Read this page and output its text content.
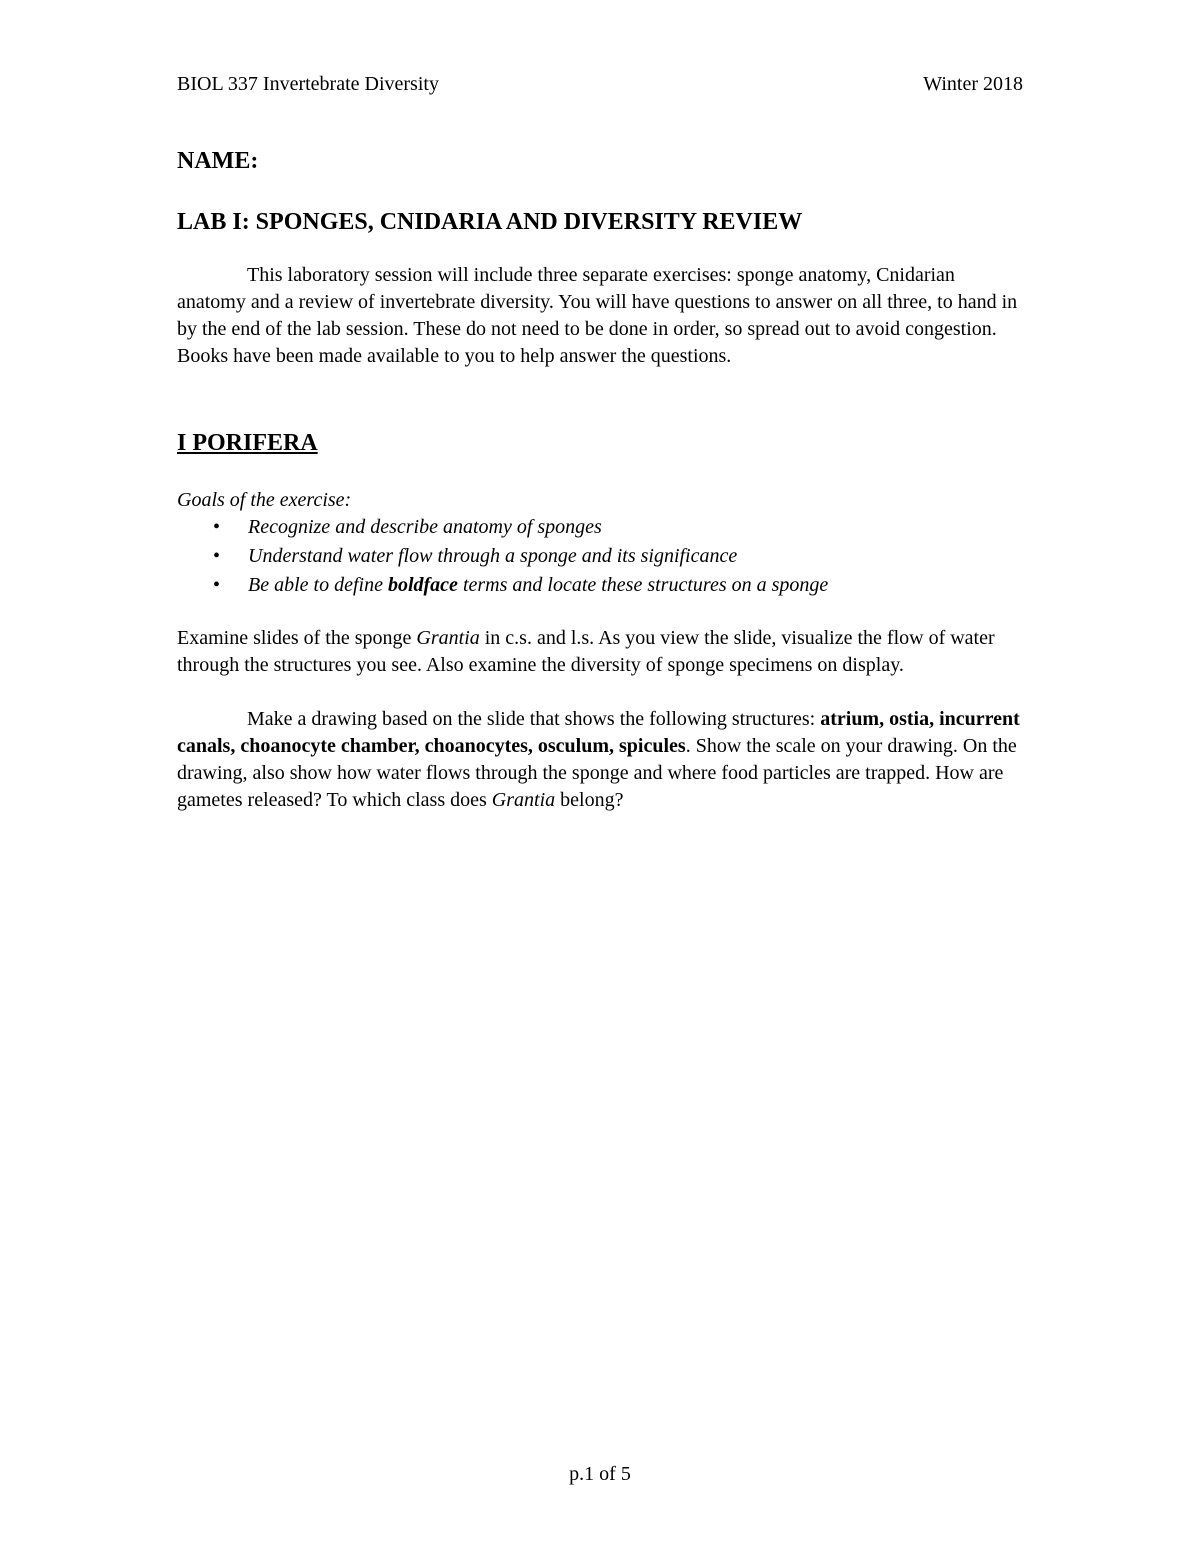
BIOL 337 Invertebrate Diversity	Winter 2018
NAME:
LAB I: SPONGES, CNIDARIA AND DIVERSITY REVIEW

This laboratory session will include three separate exercises: sponge anatomy, Cnidarian anatomy and a review of invertebrate diversity. You will have questions to answer on all three, to hand in by the end of the lab session. These do not need to be done in order, so spread out to avoid congestion. Books have been made available to you to help answer the questions.

I PORIFERA
Goals of the exercise:
• Recognize and describe anatomy of sponges
• Understand water flow through a sponge and its significance
• Be able to define boldface terms and locate these structures on a sponge

Examine slides of the sponge Grantia in c.s. and l.s. As you view the slide, visualize the flow of water through the structures you see. Also examine the diversity of sponge specimens on display.

Make a drawing based on the slide that shows the following structures: atrium, ostia, incurrent canals, choanocyte chamber, choanocytes, osculum, spicules. Show the scale on your drawing. On the drawing, also show how water flows through the sponge and where food particles are trapped. How are gametes released? To which class does Grantia belong?

p.1 of 5
